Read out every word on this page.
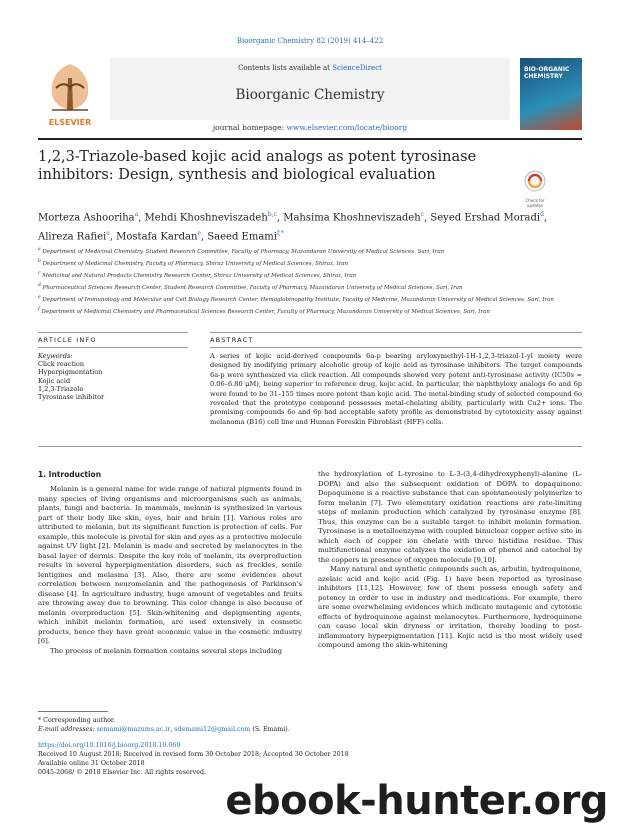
Bioorganic Chemistry 82 (2019) 414–422
ELSEVIER
Contents lists available at ScienceDirect
Bioorganic Chemistry
journal homepage: www.elsevier.com/locate/bioorg
BIO-ORGANIC CHEMISTRY
1,2,3-Triazole-based kojic acid analogs as potent tyrosinase inhibitors: Design, synthesis and biological evaluation
Check for updates
Morteza Ashooriha$^a$, Mehdi Khoshneviszadeh$^{b,c}$, Mahsima Khoshneviszadeh$^c$, Seyed Ershad Moradi$^d$, Alireza Rafiei$^e$, Mostafa Kardan$^e$, Saeed Emami$^{f,*}$
$^a$ Department of Medicinal Chemistry, Student Research Committee, Faculty of Pharmacy, Mazandaran University of Medical Sciences, Sari, Iran
$^b$ Department of Medicinal Chemistry, Faculty of Pharmacy, Shiraz University of Medical Sciences, Shiraz, Iran
$^c$ Medicinal and Natural Products Chemistry Research Center, Shiraz University of Medical Sciences, Shiraz, Iran
$^d$ Pharmaceutical Sciences Research Center, Student Research Committee, Faculty of Pharmacy, Mazandaran University of Medical Sciences, Sari, Iran
$^e$ Department of Immunology and Molecular and Cell Biology Research Center, Hemoglobinopathy Institute, Faculty of Medicine, Mazandaran University of Medical Sciences, Sari, Iran
$^f$ Department of Medicinal Chemistry and Pharmaceutical Sciences Research Center, Faculty of Pharmacy, Mazandaran University of Medical Sciences, Sari, Iran
ARTICLE INFO	ABSTRACT
Keywords:
Click reaction
Hyperpigmentation
Kojic acid
1,2,3-Triazole
Tyrosinase inhibitor
A series of kojic acid-derived compounds 6a-p bearing aryloxymethyl-1H-1,2,3-triazol-1-yl moiety were designed by modifying primary alcoholic group of kojic acid as tyrosinase inhibitors. The target compounds 6a-p were synthesized via click reaction. All compounds showed very potent anti-tyrosinase activity (IC50s = 0.06–6.80 μM), being superior to reference drug, kojic acid. In particular, the naphthyloxy analogs 6o and 6p were found to be 31–155 times more potent than kojic acid. The metal-binding study of selected compound 6o revealed that the prototype compound possesses metal-chelating ability, particularly with Cu2+ ions. The promising compounds 6o and 6p had acceptable safety profile as demonstrated by cytotoxicity assay against melanoma (B16) cell line and Human Foreskin Fibroblast (HFF) cells.
1. Introduction

Melanin is a general name for wide range of natural pigments found in many species of living organisms and microorganisms such as animals, plants, fungi and bacteria. In mammals, melanin is synthesized in various part of their body like skin, eyes, hair and brain [1]. Various roles are attributed to melanin, but its significant function is protection of cells. For example, this molecule is pivotal for skin and eyes as a protective molecule against UV light [2]. Melanin is made and secreted by melanocytes in the basal layer of dermis. Despite the key role of melanin, its overproduction results in several hyperpigmentation disorders, such as freckles, senile lentigines and melasma [3]. Also, there are some evidences about correlation between neuromelanin and the pathogenesis of Parkinson's disease [4]. In agriculture industry, huge amount of vegetables and fruits are throwing away due to browning. This color change is also because of melanin overproduction [5]. Skin-whitening and depigmenting agents, which inhibit melanin formation, are used extensively in cosmetic products, hence they have great economic value in the cosmetic industry [6].

The process of melanin formation contains several steps including

the hydroxylation of L-tyrosine to L-3-(3,4-dihydroxyphenyl)-alanine (L-DOPA) and also the subsequent oxidation of DOPA to dopaquinone. Dopaquinone is a reactive substance that can spontaneously polymerize to form melanin [7]. Two elementary oxidation reactions are rate-limiting steps of melanin production which catalyzed by tyrosinase enzyme [8]. Thus, this enzyme can be a suitable target to inhibit melanin formation. Tyrosinase is a metalloenzyme with coupled binuclear copper active site in which each of copper ion chelate with three histidine residue. This multifunctional enzyme catalyzes the oxidation of phenol and catechol by the coppers in presence of oxygen molecule [9,10].

Many natural and synthetic compounds such as, arbutin, hydroquinone, azelaic acid and kojic acid (Fig. 1) have been reported as tyrosinase inhibitors [11,12]. However, few of them possess enough safety and potency in order to use in industry and medications. For example, there are some overwhelming evidences which indicate mutagenic and cytotoxic effects of hydroquinone against melanocytes. Furthermore, hydroquinone can cause local skin dryness or irritation, thereby leading to post-inflammatory hyperpigmentation [11]. Kojic acid is the most widely used compound among the skin-whitening

* Corresponding author.
E-mail addresses: semami@mazums.ac.ir, sdemami12@gmail.com (S. Emami).
https://doi.org/10.1016/j.bioorg.2018.10.069
Received 10 August 2018; Received in revised form 30 October 2018; Accepted 30 October 2018
Available online 31 October 2018
0045-2068/ © 2018 Elsevier Inc. All rights reserved.
ebook-hunter.org
